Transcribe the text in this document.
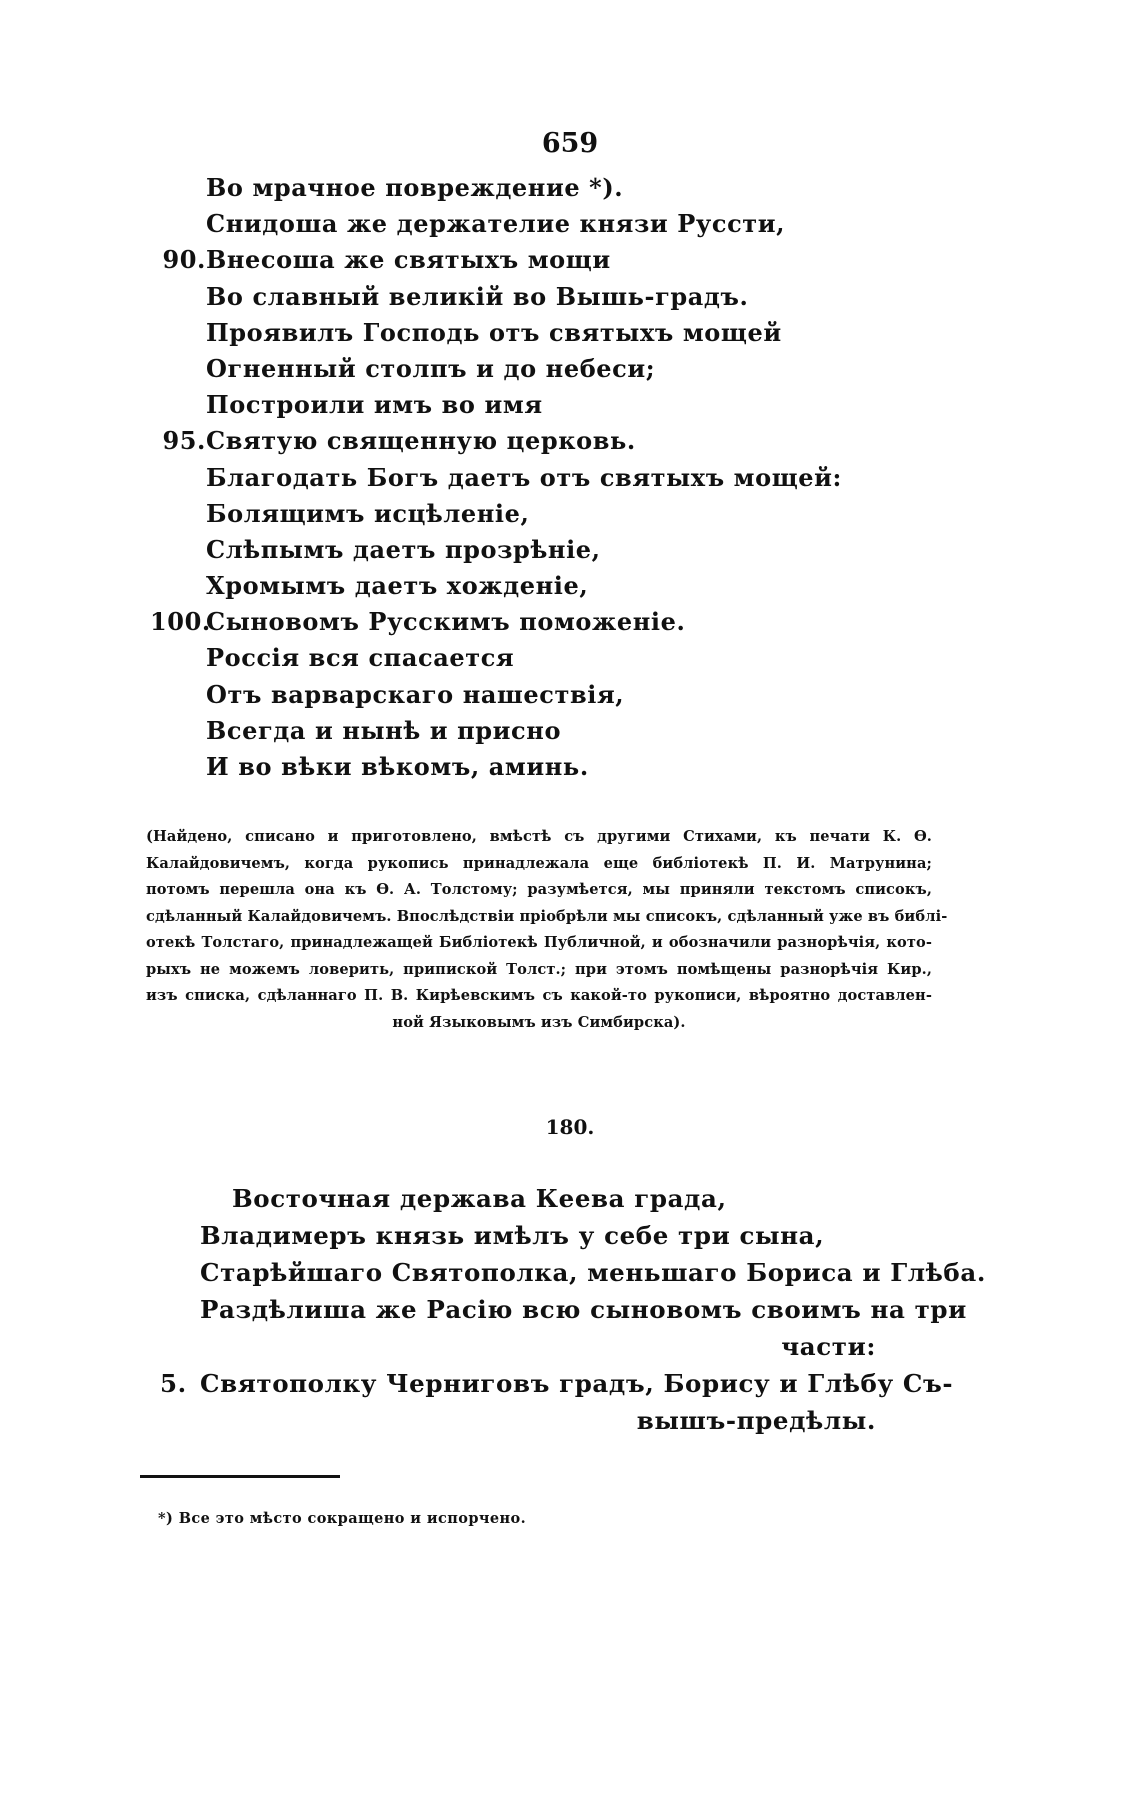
659
Во мрачное повреждение *).
Снидоша же держателие князи Руссти,
90. Внесоша же святыхъ мощи
Во славный великій во Вышь-градъ.
Проявилъ Господь отъ святыхъ мощей
Огненный столпъ и до небеси;
Построили имъ во имя
95. Святую священную церковь.
Благодать Богъ даетъ отъ святыхъ мощей:
Болящимъ исцѣленіе,
Слѣпымъ даетъ прозрѣніе,
Хромымъ даетъ хожденіе,
100.
Сыновомъ Русскимъ поможеніе.
Россія вся спасается
Отъ варварскаго нашествія,
Всегда и нынѣ и присно
И во вѣки вѣкомъ, аминь.
(Найдено, списано и приготовлено, вмѣстѣ съ другими Стихами, къ печати К. Ѳ.
Калайдовичемъ, когда рукопись принадлежала еще библіотекѣ П. И. Матрунина;
потомъ перешла она къ Ѳ. А. Толстому; разумѣется, мы приняли текстомъ списокъ,
сдѣланный Калайдовичемъ. Впослѣдствіи пріобрѣли мы списокъ, сдѣланный уже въ библі-
отекѣ Толстаго, принадлежащей Библіотекѣ Публичной, и обозначили разнорѣчія, кото-
рыхъ не можемъ ловерить, припиской Толст.; при этомъ помѣщены разнорѣчія Кир.,
изъ списка, сдѣланнаго П. В. Кирѣевскимъ съ какой-то рукописи, вѣроятно доставлен-
ной Языковымъ изъ Симбирска).
180.
Восточная держава Кеева града,
Владимеръ князь имѣлъ у себе три сына,
Старѣйшаго Святополка, меньшаго Бориса и Глѣба.
Раздѣлиша же Расію всю сыновомъ своимъ на три
части:
5. Святополку Черниговъ градъ, Борису и Глѣбу Съ-
вышъ-предѣлы.
*) Все это мѣсто сокращено и испорчено.
